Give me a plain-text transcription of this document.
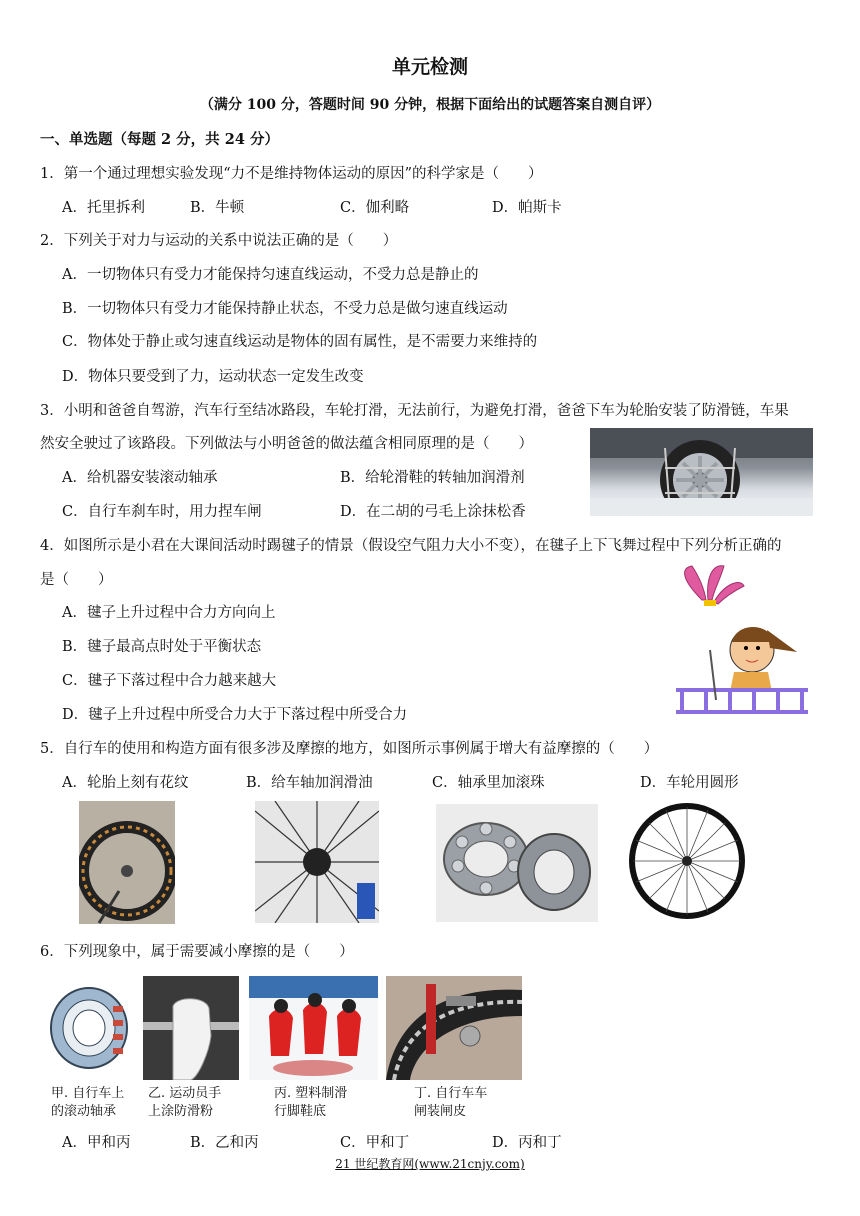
单元检测
（满分 100 分，答题时间 90 分钟，根据下面给出的试题答案自测自评）
一、单选题（每题 2 分，共 24 分）
1．第一个通过理想实验发现“力不是维持物体运动的原因”的科学家是（　　）
A．托里拆利	B．牛顿	C．伽利略	D．帕斯卡
2．下列关于对力与运动的关系中说法正确的是（　　）
A．一切物体只有受力才能保持匀速直线运动，不受力总是静止的
B．一切物体只有受力才能保持静止状态，不受力总是做匀速直线运动
C．物体处于静止或匀速直线运动是物体的固有属性，是不需要力来维持的
D．物体只要受到了力，运动状态一定发生改变
3．小明和爸爸自驾游，汽车行至结冰路段，车轮打滑，无法前行，为避免打滑，爸爸下车为轮胎安装了防滑链，车果
然安全驶过了该路段。下列做法与小明爸爸的做法蕴含相同原理的是（　　）
A．给机器安装滚动轴承	B．给轮滑鞋的转轴加润滑剂
C．自行车刹车时，用力捏车闸	D．在二胡的弓毛上涂抹松香
4．如图所示是小君在大课间活动时踢毽子的情景（假设空气阻力大小不变），在毽子上下飞舞过程中下列分析正确的
是（　　）
A．毽子上升过程中合力方向向上
B．毽子最高点时处于平衡状态
C．毽子下落过程中合力越来越大
D．毽子上升过程中所受合力大于下落过程中所受合力
5．自行车的使用和构造方面有很多涉及摩擦的地方，如图所示事例属于增大有益摩擦的（　　）
A．轮胎上刻有花纹	B．给车轴加润滑油	C．轴承里加滚珠	D．车轮用圆形
6．下列现象中，属于需要减小摩擦的是（　　）
甲. 自行车上
的滚动轴承
乙. 运动员手
上涂防滑粉
丙. 塑料制滑
行脚鞋底
丁. 自行车车
闸装闸皮
A．甲和丙	B．乙和丙	C．甲和丁	D．丙和丁
21 世纪教育网(www.21cnjy.com)
